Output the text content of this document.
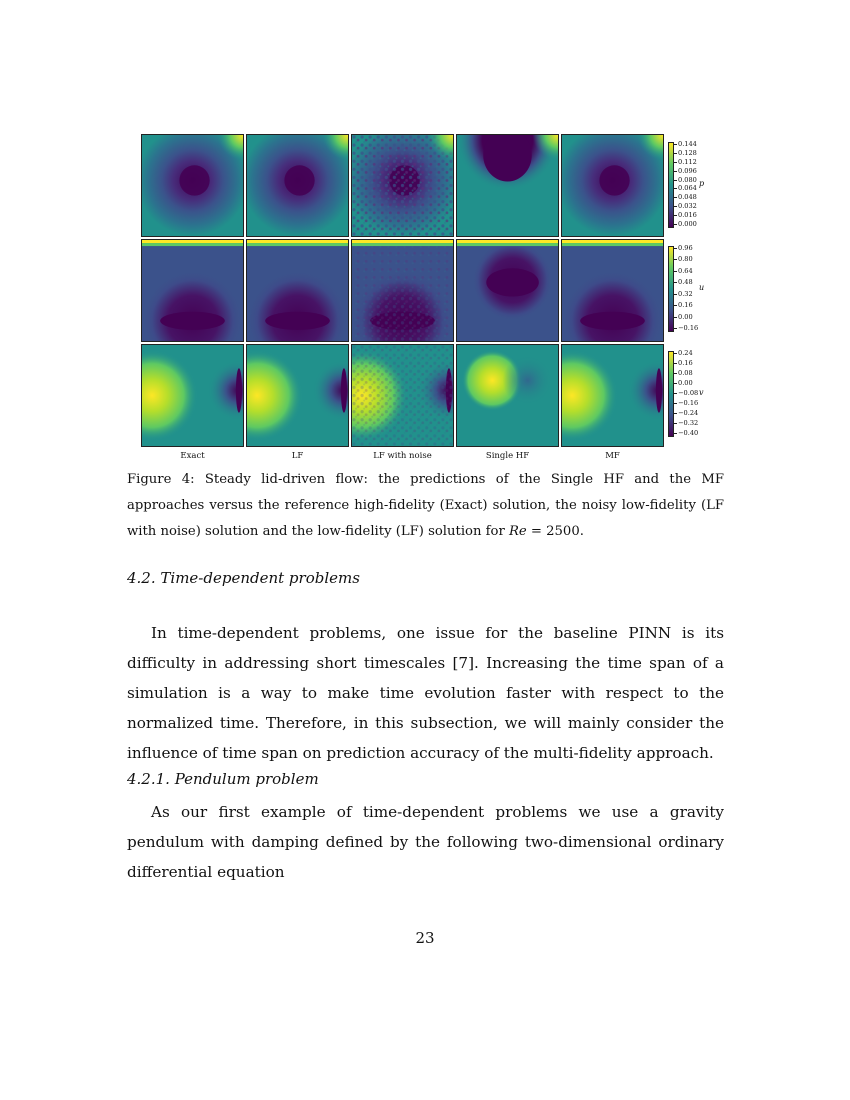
0.144
0.128
0.112
0.096
0.080
0.064
0.048
0.032
0.016
0.000
p
0.96
0.80
0.64
0.48
0.32
0.16
0.00
−0.16
u
0.24
0.16
0.08
0.00
−0.08
−0.16
−0.24
−0.32
−0.40
v
Exact	LF	LF with noise	Single HF	MF
Figure 4: Steady lid-driven flow: the predictions of the Single HF and the MF approaches versus the reference high-fidelity (Exact) solution, the noisy low-fidelity (LF with noise) solution and the low-fidelity (LF) solution for Re = 2500.
4.2. Time-dependent problems
In time-dependent problems, one issue for the baseline PINN is its difficulty in addressing short timescales [7]. Increasing the time span of a simulation is a way to make time evolution faster with respect to the normalized time. Therefore, in this subsection, we will mainly consider the influence of time span on prediction accuracy of the multi-fidelity approach.
4.2.1. Pendulum problem
As our first example of time-dependent problems we use a gravity pendulum with damping defined by the following two-dimensional ordinary differential equation
23
